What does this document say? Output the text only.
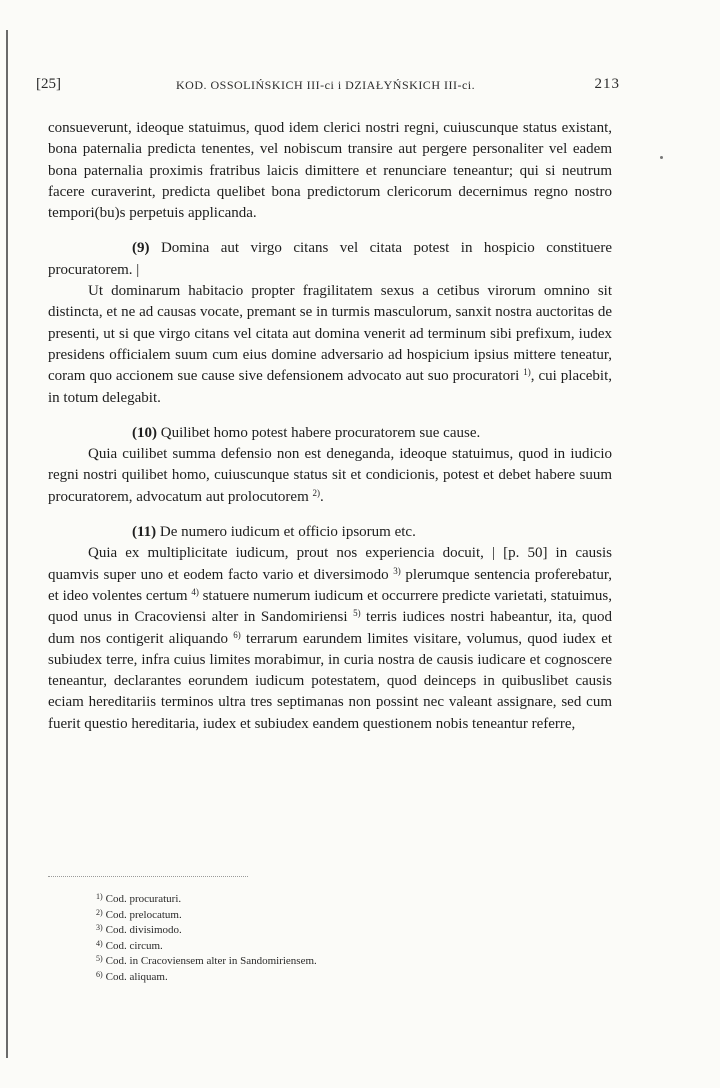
[25]	KOD. OSSOLIŃSKICH III-ci i DZIAŁYŃSKICH III-ci.	213

consueverunt, ideoque statuimus, quod idem clerici nostri regni, cuiuscunque status existant, bona paternalia predicta tenentes, vel nobiscum transire aut pergere personaliter vel eadem bona paternalia proximis fratribus laicis dimittere et renunciare teneantur; qui si neutrum facere curaverint, predicta quelibet bona predictorum clericorum decernimus regno nostro tempori(bu)s perpetuis applicanda.

(9) Domina aut virgo citans vel citata potest in hospicio constituere procuratorem. |

Ut dominarum habitacio propter fragilitatem sexus a cetibus virorum omnino sit distincta, et ne ad causas vocate, premant se in turmis masculorum, sanxit nostra auctoritas de presenti, ut si que virgo citans vel citata aut domina venerit ad terminum sibi prefixum, iudex presidens officialem suum cum eius domine adversario ad hospicium ipsius mittere teneatur, coram quo accionem sue cause sive defensionem advocato aut suo procuratori $^{1)}$, cui placebit, in totum delegabit.

(10) Quilibet homo potest habere procuratorem sue cause.

Quia cuilibet summa defensio non est deneganda, ideoque statuimus, quod in iudicio regni nostri quilibet homo, cuiuscunque status sit et condicionis, potest et debet habere suum procuratorem, advocatum aut prolocutorem $^{2)}$.

(11) De numero iudicum et officio ipsorum etc.

Quia ex multiplicitate iudicum, prout nos experiencia docuit, | [p. 50] in causis quamvis super uno et eodem facto vario et diversimodo $^{3)}$ plerumque sentencia proferebatur, et ideo volentes certum $^{4)}$ statuere numerum iudicum et occurrere predicte varietati, statuimus, quod unus in Cracoviensi alter in Sandomiriensi $^{5)}$ terris iudices nostri habeantur, ita, quod dum nos contigerit aliquando $^{6)}$ terrarum earundem limites visitare, volumus, quod iudex et subiudex terre, infra cuius limites morabimur, in curia nostra de causis iudicare et cognoscere teneantur, declarantes eorundem iudicum potestatem, quod deinceps in quibuslibet causis eciam hereditariis terminos ultra tres septimanas non possint nec valeant assignare, sed cum fuerit questio hereditaria, iudex et subiudex eandem questionem nobis teneantur referre,

$^{1)}$ Cod. procuraturi.
$^{2)}$ Cod. prelocatum.
$^{3)}$ Cod. divisimodo.
$^{4)}$ Cod. circum.
$^{5)}$ Cod. in Cracoviensem alter in Sandomiriensem.
$^{6)}$ Cod. aliquam.
